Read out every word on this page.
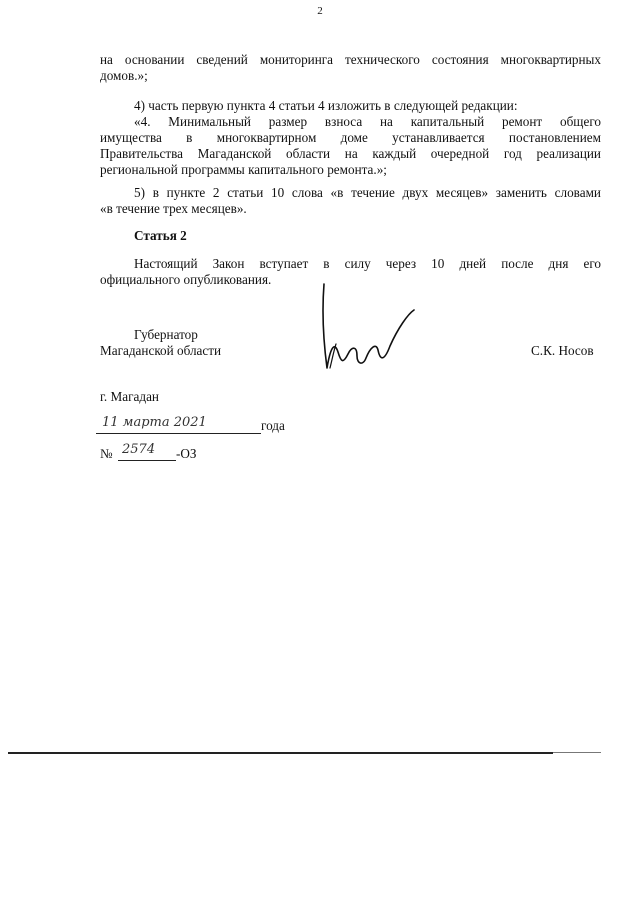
2
на основании сведений мониторинга технического состояния многоквартирных
домов.»;
4) часть первую пункта 4 статьи 4 изложить в следующей редакции:
«4. Минимальный размер взноса на капитальный ремонт общего
имущества в многоквартирном доме устанавливается постановлением
Правительства Магаданской области на каждый очередной год реализации
региональной программы капитального ремонта.»;
5) в пункте 2 статьи 10 слова «в течение двух месяцев» заменить словами
«в течение трех месяцев».
Статья 2
Настоящий Закон вступает в силу через 10 дней после дня его
официального опубликования.
Губернатор
Магаданской области	С.К. Носов
г. Магадан
11 марта 2021	года
№ 2574 -ОЗ
